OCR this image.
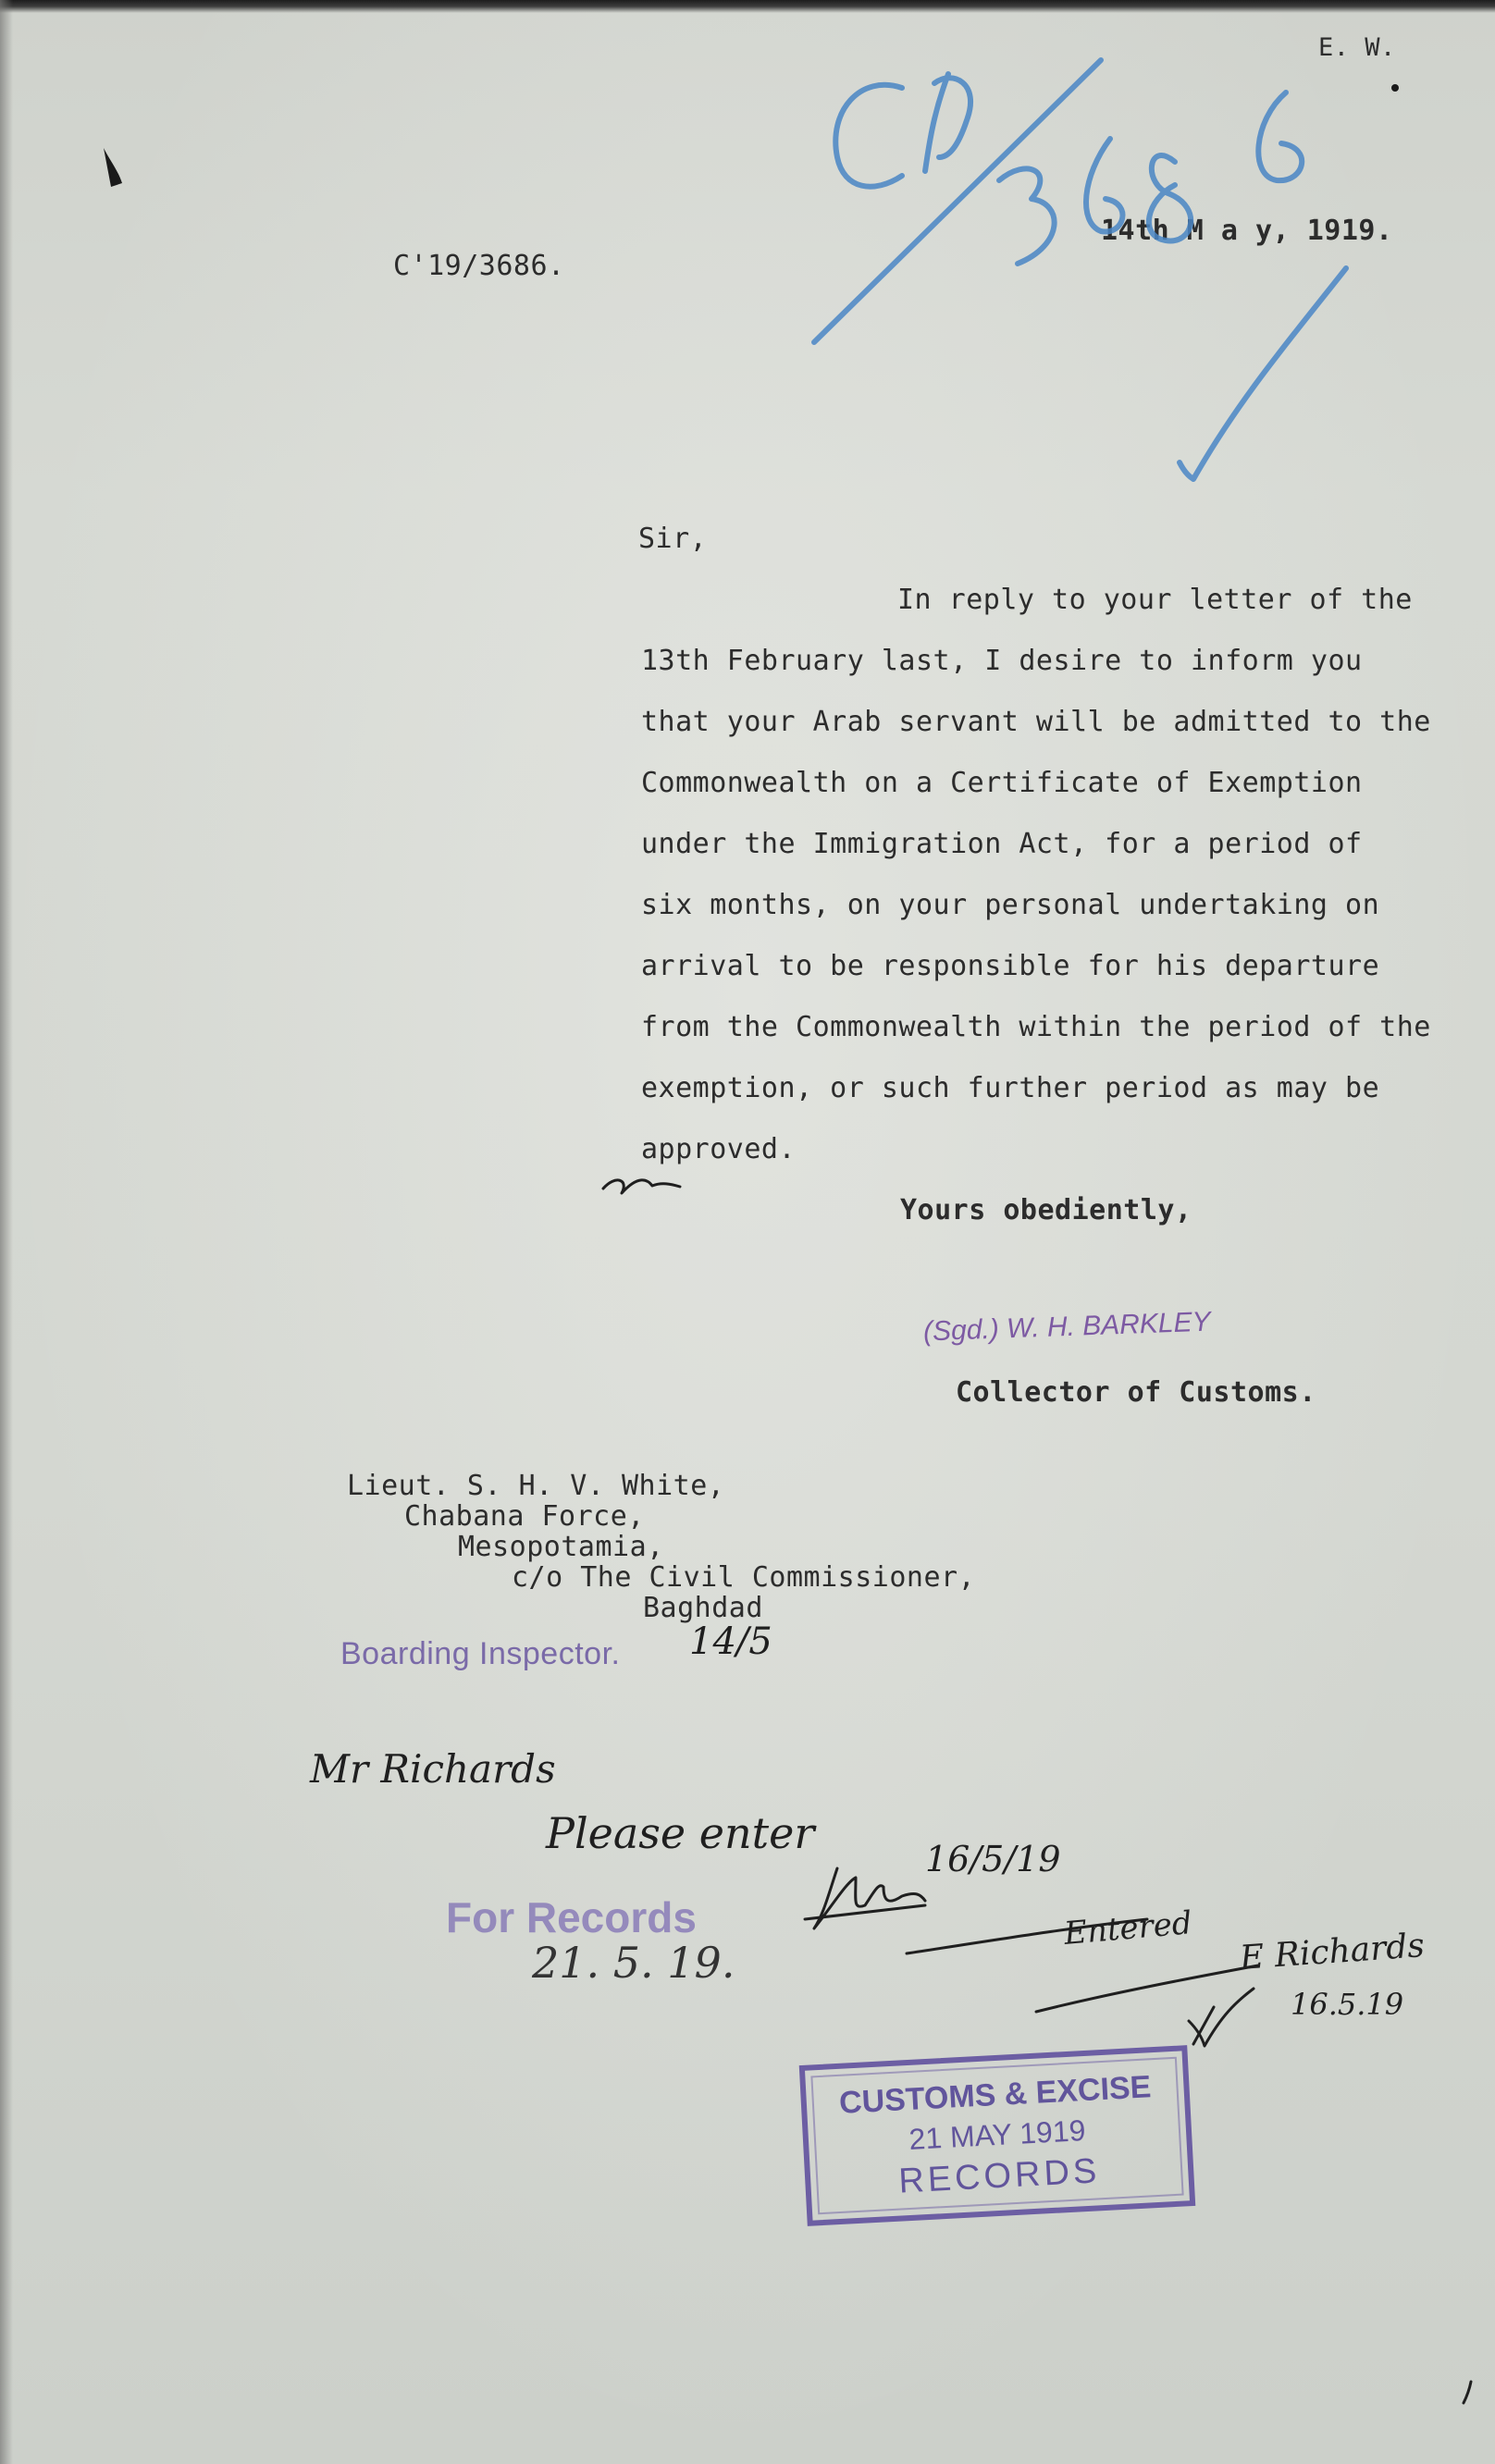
E. W.

C'19/3686.

14th M a y, 1919.

Sir,

In reply to your letter of the

13th February last, I desire to inform you

that your Arab servant will be admitted to the

Commonwealth on a Certificate of Exemption

under the Immigration Act, for a period of

six months, on your personal undertaking on

arrival to be responsible for his departure

from the Commonwealth within the period of the

exemption, or such further period as may be

approved.

Yours obediently,

(Sgd.) W. H. BARKLEY

Collector of Customs.

Lieut. S. H. V. White,

Chabana Force,

Mesopotamia,

c/o The Civil Commissioner,

Baghdad

Boarding Inspector. 14/5

Mr Richards

Please enter

16/5/19

For Records

21. 5. 19.

Entered E Richards

16.5.19

CUSTOMS & EXCISE

21 MAY 1919

RECORDS
